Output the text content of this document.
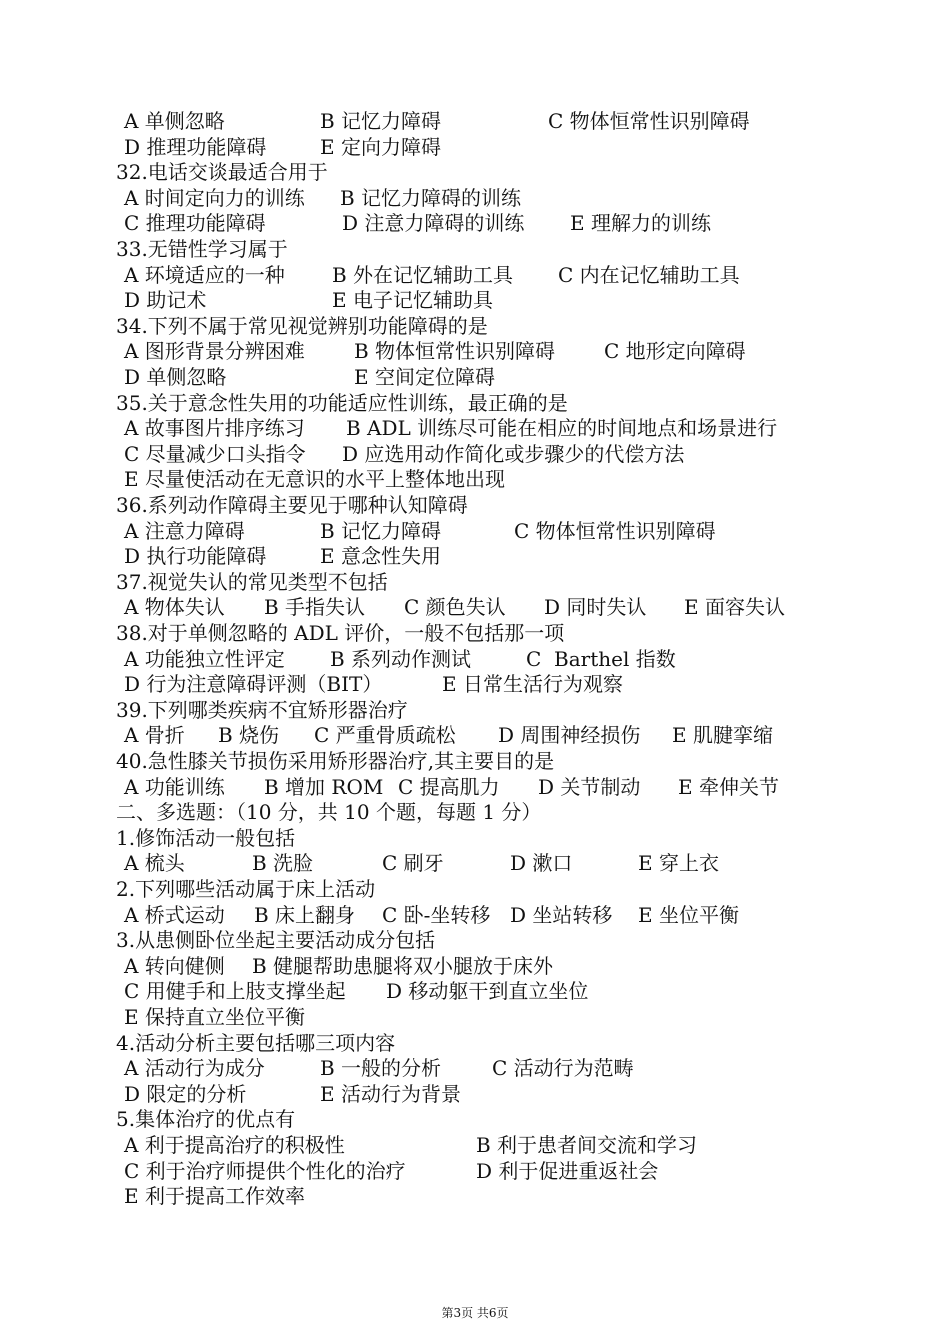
A 单侧忽略	B 记忆力障碍	C 物体恒常性识别障碍
D 推理功能障碍	E 定向力障碍
32.电话交谈最适合用于
A 时间定向力的训练 B 记忆力障碍的训练
C 推理功能障碍	D 注意力障碍的训练 E 理解力的训练
33.无错性学习属于
A 环境适应的一种 B 外在记忆辅助工具 C 内在记忆辅助工具
D 助记术	E 电子记忆辅助具
34.下列不属于常见视觉辨别功能障碍的是
A 图形背景分辨困难 B 物体恒常性识别障碍 C 地形定向障碍
D 单侧忽略	E 空间定位障碍
35.关于意念性失用的功能适应性训练，最正确的是
A 故事图片排序练习 B ADL 训练尽可能在相应的时间地点和场景进行
C 尽量减少口头指令 D 应选用动作简化或步骤少的代偿方法
E 尽量使活动在无意识的水平上整体地出现
36.系列动作障碍主要见于哪种认知障碍
A 注意力障碍	B 记忆力障碍	C 物体恒常性识别障碍
D 执行功能障碍	E 意念性失用
37.视觉失认的常见类型不包括
A 物体失认 B 手指失认 C 颜色失认 D 同时失认 E 面容失认
38.对于单侧忽略的 ADL 评价，一般不包括那一项
A 功能独立性评定 B 系列动作测试	C  Barthel 指数
D 行为注意障碍评测（BIT）	E 日常生活行为观察
39.下列哪类疾病不宜矫形器治疗
A 骨折 B 烧伤 C 严重骨质疏松 D 周围神经损伤 E 肌腱挛缩
40.急性膝关节损伤采用矫形器治疗,其主要目的是
A 功能训练 B 增加 ROM C 提高肌力 D 关节制动 E 牵伸关节
二、多选题：（10 分，共 10 个题，每题 1 分）
1.修饰活动一般包括
A 梳头	B 洗脸	C 刷牙	D 漱口	E 穿上衣
2.下列哪些活动属于床上活动
A 桥式运动 B 床上翻身 C 卧-坐转移 D 坐站转移 E 坐位平衡
3.从患侧卧位坐起主要活动成分包括
A 转向健侧 B 健腿帮助患腿将双小腿放于床外
C 用健手和上肢支撑坐起 D 移动躯干到直立坐位
E 保持直立坐位平衡
4.活动分析主要包括哪三项内容
A 活动行为成分	B 一般的分析	C 活动行为范畴
D 限定的分析	E 活动行为背景
5.集体治疗的优点有
A 利于提高治疗的积极性	B 利于患者间交流和学习
C 利于治疗师提供个性化的治疗	D 利于促进重返社会
E 利于提高工作效率
第3页 共6页
